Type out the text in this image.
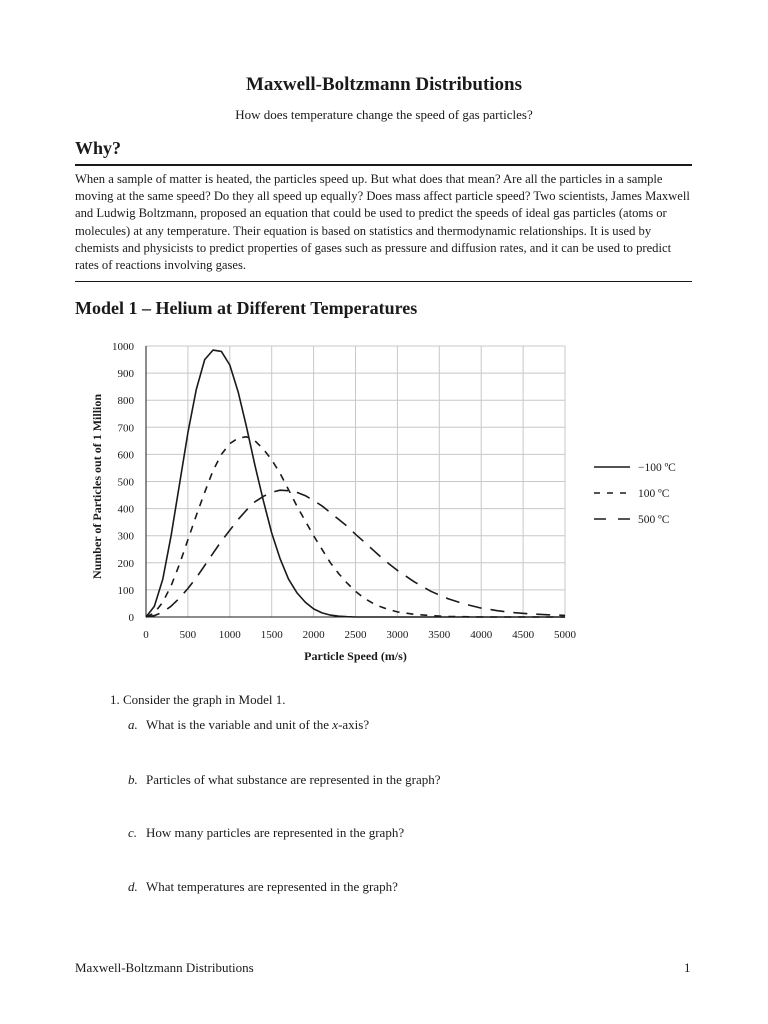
Maxwell-Boltzmann Distributions
How does temperature change the speed of gas particles?
Why?
When a sample of matter is heated, the particles speed up. But what does that mean? Are all the particles in a sample moving at the same speed? Do they all speed up equally? Does mass affect particle speed? Two scientists, James Maxwell and Ludwig Boltzmann, proposed an equation that could be used to predict the speeds of ideal gas particles (atoms or molecules) at any temperature. Their equation is based on statistics and thermodynamic relationships. It is used by chemists and physicists to predict properties of gases such as pressure and diffusion rates, and it can be used to predict rates of reactions involving gases.
Model 1 – Helium at Different Temperatures
0	500 1000 1500 2000 2500 3000 3500 4000 4500 5000
0
100
200
300
400
500
600
700
800
900
1000
Particle Speed (m/s)
Number of Particles out of 1 Million	−100 ºC
100 ºC
500 ºC
1. Consider the graph in Model 1.
a. What is the variable and unit of the x-axis?
b. Particles of what substance are represented in the graph?
c. How many particles are represented in the graph?
d. What temperatures are represented in the graph?
Maxwell-Boltzmann Distributions	1
